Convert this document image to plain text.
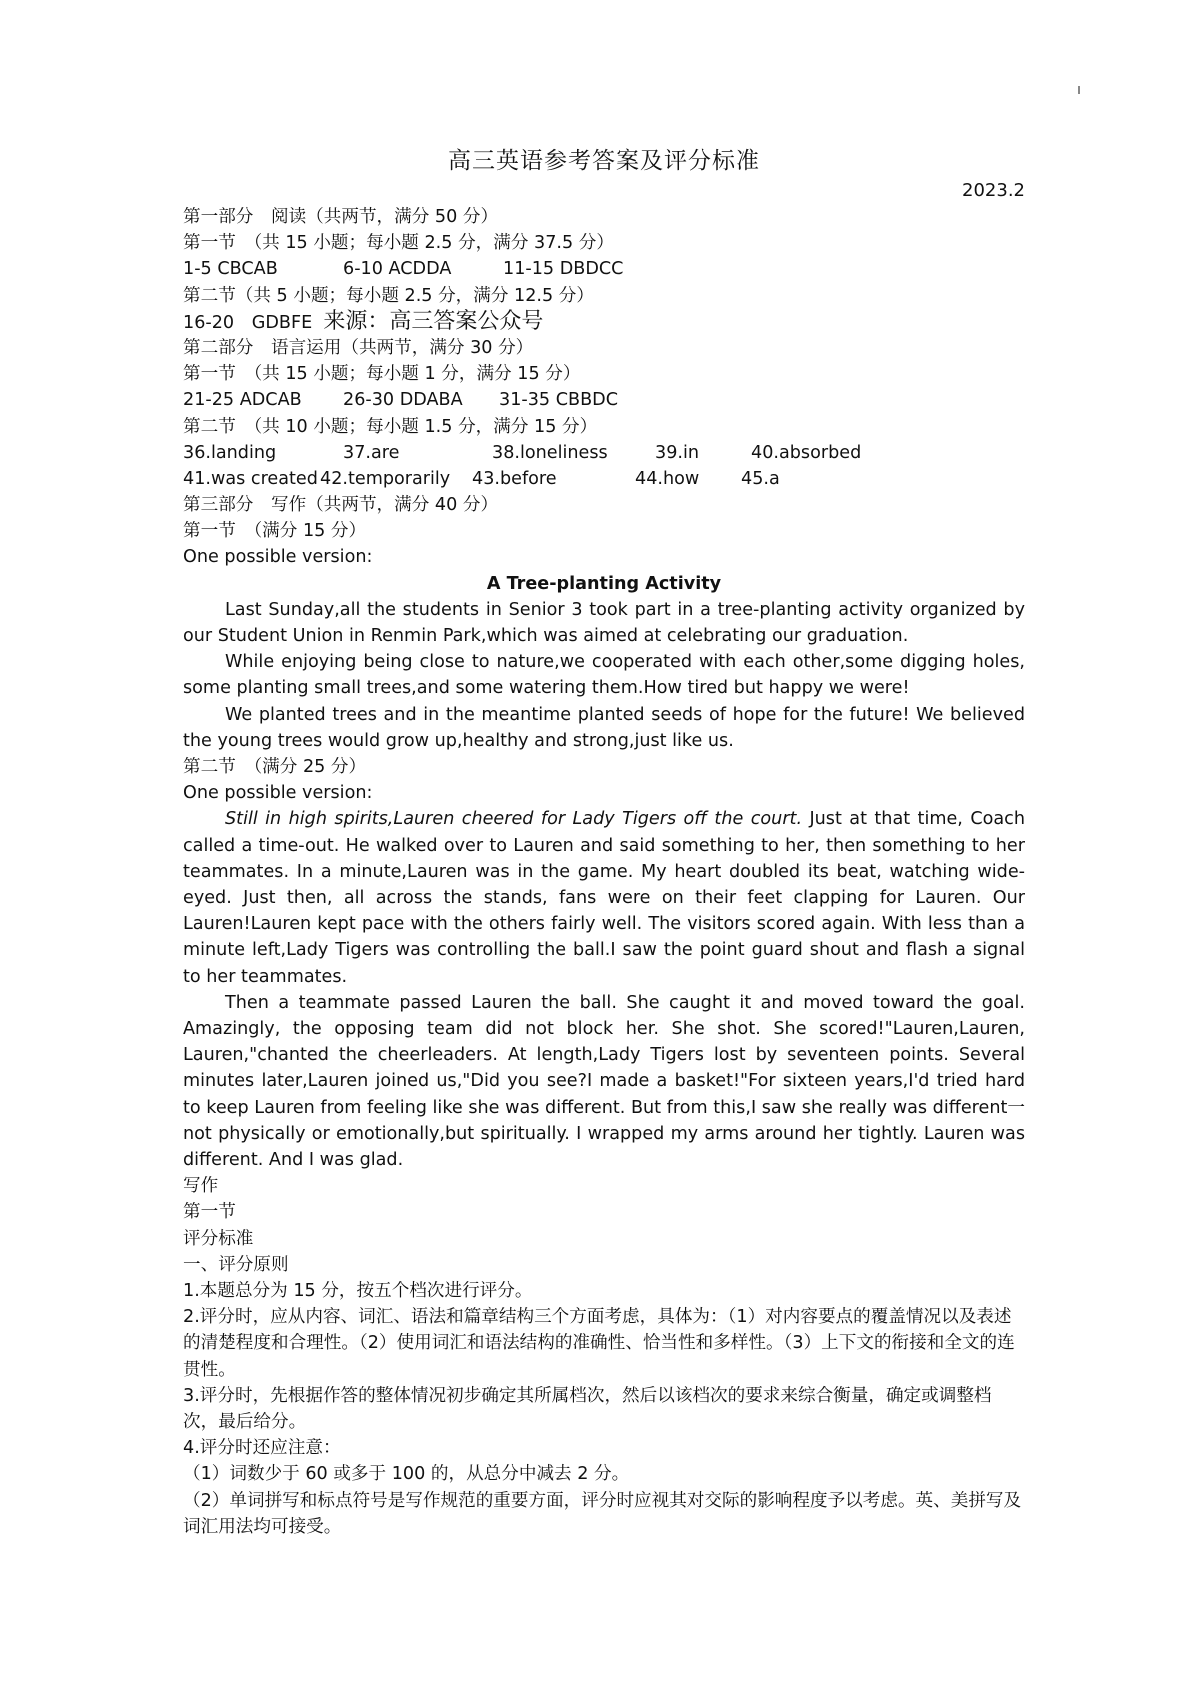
高三英语参考答案及评分标准
2023.2
第一部分　阅读（共两节，满分 50 分）
第一节　（共 15 小题；每小题 2.5 分，满分 37.5 分）
1-5 CBCAB	6-10 ACDDA	11-15 DBDCC
第二节（共 5 小题；每小题 2.5 分，满分 12.5 分）
16-20　GDBFE 来源：高三答案公众号
第二部分　语言运用（共两节，满分 30 分）
第一节　（共 15 小题；每小题 1 分，满分 15 分）
21-25 ADCAB 26-30 DDABA 31-35 CBBDC
第二节　（共 10 小题；每小题 1.5 分，满分 15 分）
36.landing	37.are	38.loneliness	39.in	40.absorbed
41.was created 42.temporarily 43.before	44.how 45.a
第三部分　写作（共两节，满分 40 分）
第一节　（满分 15 分）
One possible version:
A Tree-planting Activity

Last Sunday,all the students in Senior 3 took part in a tree-planting activity organized by our Student Union in Renmin Park,which was aimed at celebrating our graduation.

While enjoying being close to nature,we cooperated with each other,some digging holes, some planting small trees,and some watering them.How tired but happy we were!

We planted trees and in the meantime planted seeds of hope for the future! We believed the young trees would grow up,healthy and strong,just like us.

第二节　（满分 25 分）
One possible version:

Still in high spirits,Lauren cheered for Lady Tigers off the court. Just at that time, Coach called a time-out. He walked over to Lauren and said something to her, then something to her teammates. In a minute,Lauren was in the game. My heart doubled its beat, watching wide-eyed. Just then, all across the stands, fans were on their feet clapping for Lauren. Our Lauren!Lauren kept pace with the others fairly well. The visitors scored again. With less than a minute left,Lady Tigers was controlling the ball.I saw the point guard shout and flash a signal to her teammates.

Then a teammate passed Lauren the ball. She caught it and moved toward the goal. Amazingly, the opposing team did not block her. She shot. She scored!"Lauren,Lauren, Lauren,"chanted the cheerleaders. At length,Lady Tigers lost by seventeen points. Several minutes later,Lauren joined us,"Did you see?I made a basket!"For sixteen years,I'd tried hard to keep Lauren from feeling like she was different. But from this,I saw she really was different一not physically or emotionally,but spiritually. I wrapped my arms around her tightly. Lauren was different. And I was glad.

写作
第一节
评分标准
一、评分原则
1.本题总分为 15 分，按五个档次进行评分。

2.评分时，应从内容、词汇、语法和篇章结构三个方面考虑，具体为：（1）对内容要点的覆盖情况以及表述的清楚程度和合理性。（2）使用词汇和语法结构的准确性、恰当性和多样性。（3）上下文的衔接和全文的连贯性。

3.评分时，先根据作答的整体情况初步确定其所属档次，然后以该档次的要求来综合衡量，确定或调整档次，最后给分。

4.评分时还应注意：
（1）词数少于 60 或多于 100 的，从总分中减去 2 分。

（2）单词拼写和标点符号是写作规范的重要方面，评分时应视其对交际的影响程度予以考虑。英、美拼写及词汇用法均可接受。
